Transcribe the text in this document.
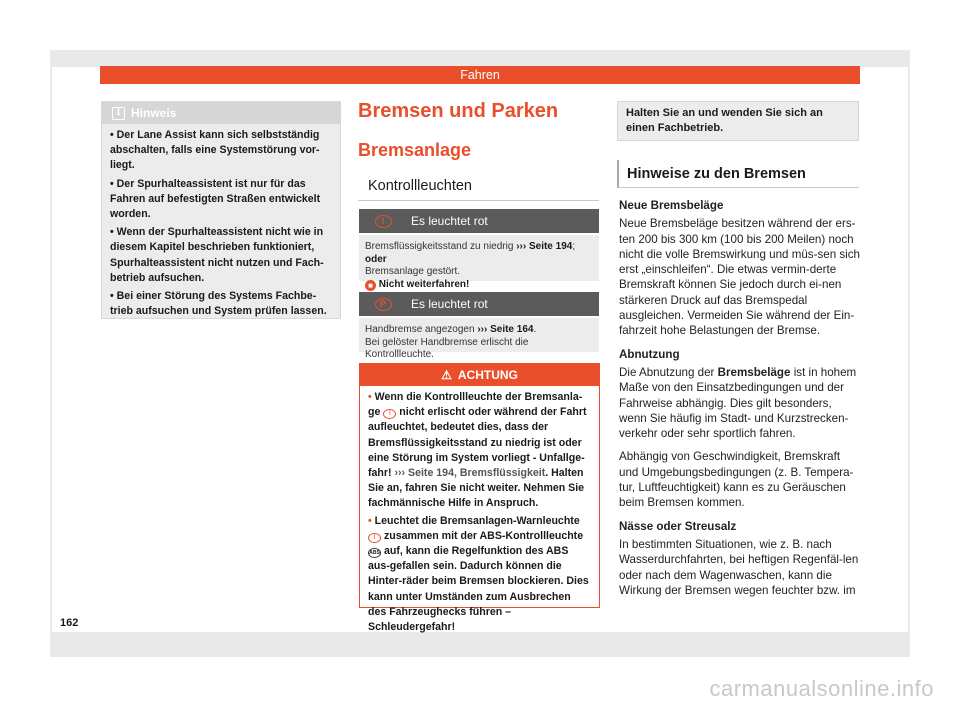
Fahren
i Hinweis
• Der Lane Assist kann sich selbstständig abschalten, falls eine Systemstörung vor-liegt.
• Der Spurhalteassistent ist nur für das Fahren auf befestigten Straßen entwickelt worden.
• Wenn der Spurhalteassistent nicht wie in diesem Kapitel beschrieben funktioniert, Spurhalteassistent nicht nutzen und Fach-betrieb aufsuchen.
• Bei einer Störung des Systems Fachbe-trieb aufsuchen und System prüfen lassen.
Bremsen und Parken
Bremsanlage
Kontrollleuchten
!	Es leuchtet rot
Bremsflüssigkeitsstand zu niedrig ››› Seite 194; oder
Bremsanlage gestört.
■ Nicht weiterfahren!
P	Es leuchtet rot
Handbremse angezogen ››› Seite 164.
Bei gelöster Handbremse erlischt die Kontrollleuchte.
⚠ ACHTUNG

• Wenn die Kontrollleuchte der Bremsanla-ge ! nicht erlischt oder während der Fahrt aufleuchtet, bedeutet dies, dass der Bremsflüssigkeitsstand zu niedrig ist oder eine Störung im System vorliegt - Unfallge-fahr! ››› Seite 194, Bremsflüssigkeit. Halten Sie an, fahren Sie nicht weiter. Nehmen Sie fachmännische Hilfe in Anspruch.

• Leuchtet die Bremsanlagen-Warnleuchte ! zusammen mit der ABS-Kontrollleuchte ABS auf, kann die Regelfunktion des ABS aus-gefallen sein. Dadurch können die Hinter-räder beim Bremsen blockieren. Dies kann unter Umständen zum Ausbrechen des Fahrzeughecks führen – Schleudergefahr!

Halten Sie an und wenden Sie sich an einen Fachbetrieb.
Hinweise zu den Bremsen
Neue Bremsbeläge

Neue Bremsbeläge besitzen während der ers-ten 200 bis 300 km (100 bis 200 Meilen) noch nicht die volle Bremswirkung und müs-sen sich erst „einschleifen“. Die etwas vermin-derte Bremskraft können Sie jedoch durch ei-nen stärkeren Druck auf das Bremspedal ausgleichen. Vermeiden Sie während der Ein-fahrzeit hohe Belastungen der Bremse.

Abnutzung

Die Abnutzung der Bremsbeläge ist in hohem Maße von den Einsatzbedingungen und der Fahrweise abhängig. Dies gilt besonders, wenn Sie häufig im Stadt- und Kurzstrecken-verkehr oder sehr sportlich fahren.

Abhängig von Geschwindigkeit, Bremskraft und Umgebungsbedingungen (z. B. Tempera-tur, Luftfeuchtigkeit) kann es zu Geräuschen beim Bremsen kommen.

Nässe oder Streusalz

In bestimmten Situationen, wie z. B. nach Wasserdurchfahrten, bei heftigen Regenfäl-len oder nach dem Wagenwaschen, kann die Wirkung der Bremsen wegen feuchter bzw. im

162
carmanualsonline.info
